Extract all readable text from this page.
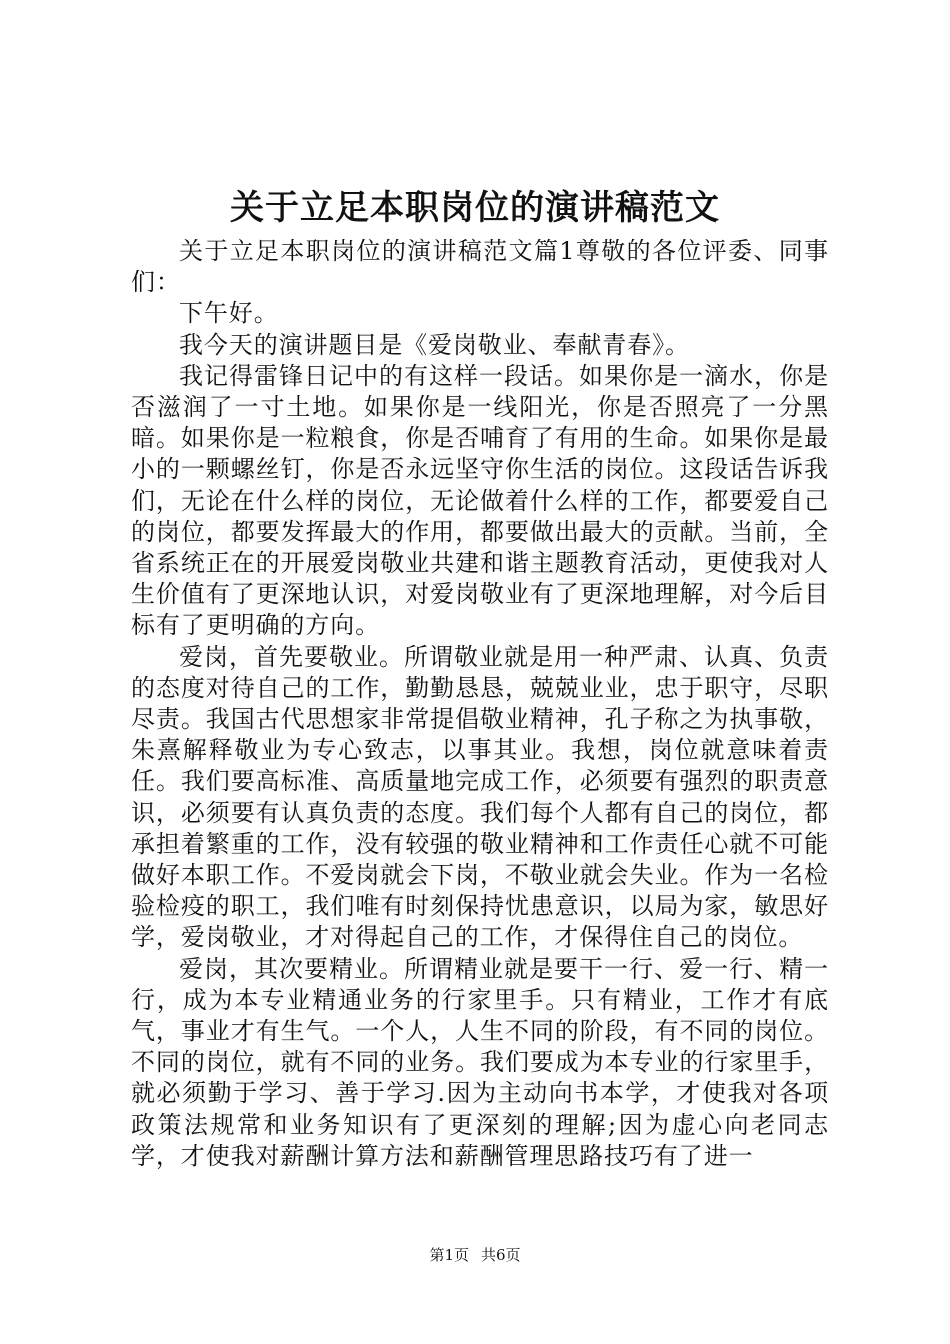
关于立足本职岗位的演讲稿范文

关于立足本职岗位的演讲稿范文篇1尊敬的各位评委、同事们：

下午好。

我今天的演讲题目是《爱岗敬业、奉献青春》。

我记得雷锋日记中的有这样一段话。如果你是一滴水，你是否滋润了一寸土地。如果你是一线阳光，你是否照亮了一分黑暗。如果你是一粒粮食，你是否哺育了有用的生命。如果你是最小的一颗螺丝钉，你是否永远坚守你生活的岗位。这段话告诉我们，无论在什么样的岗位，无论做着什么样的工作，都要爱自己的岗位，都要发挥最大的作用，都要做出最大的贡献。当前，全省系统正在的开展爱岗敬业共建和谐主题教育活动，更使我对人生价值有了更深地认识，对爱岗敬业有了更深地理解，对今后目标有了更明确的方向。

爱岗，首先要敬业。所谓敬业就是用一种严肃、认真、负责的态度对待自己的工作，勤勤恳恳，兢兢业业，忠于职守，尽职尽责。我国古代思想家非常提倡敬业精神，孔子称之为执事敬，朱熹解释敬业为专心致志，以事其业。我想，岗位就意味着责任。我们要高标准、高质量地完成工作，必须要有强烈的职责意识，必须要有认真负责的态度。我们每个人都有自己的岗位，都承担着繁重的工作，没有较强的敬业精神和工作责任心就不可能做好本职工作。不爱岗就会下岗，不敬业就会失业。作为一名检验检疫的职工，我们唯有时刻保持忧患意识，以局为家，敏思好学，爱岗敬业，才对得起自己的工作，才保得住自己的岗位。

爱岗，其次要精业。所谓精业就是要干一行、爱一行、精一行，成为本专业精通业务的行家里手。只有精业，工作才有底气，事业才有生气。一个人，人生不同的阶段，有不同的岗位。不同的岗位，就有不同的业务。我们要成为本专业的行家里手，就必须勤于学习、善于学习.因为主动向书本学，才使我对各项政策法规常和业务知识有了更深刻的理解;因为虚心向老同志学，才使我对薪酬计算方法和薪酬管理思路技巧有了进一

第1页 共6页
